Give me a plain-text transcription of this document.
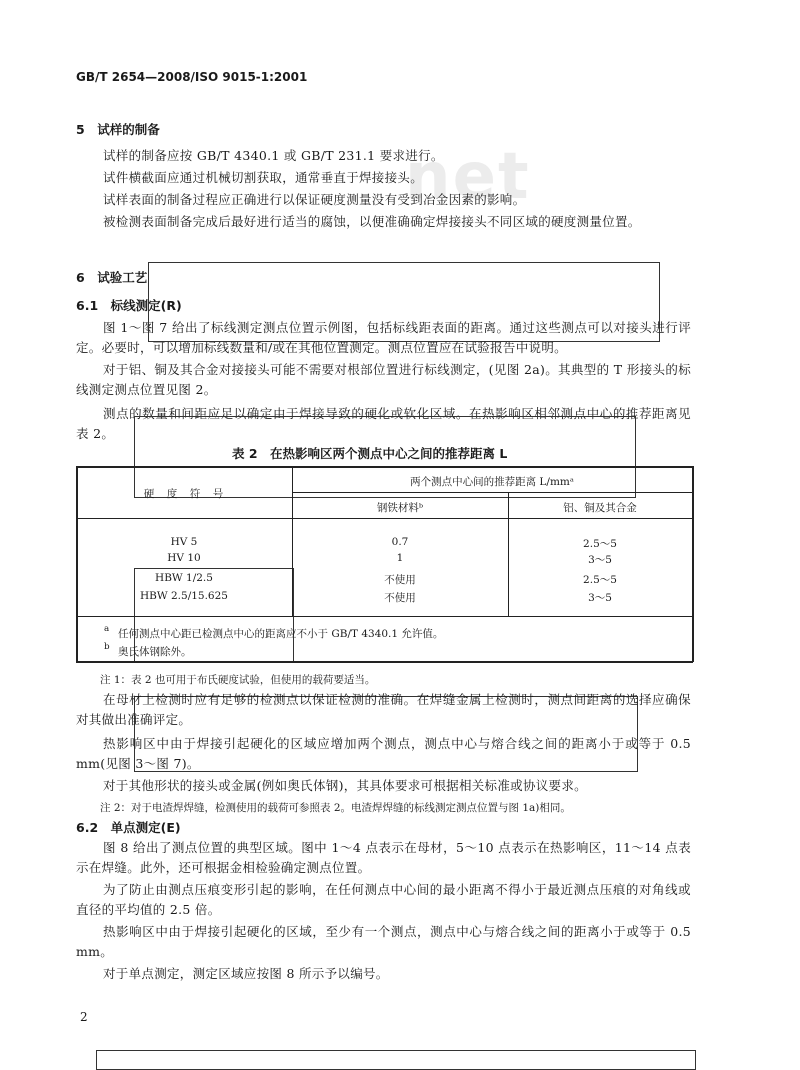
GB/T 2654—2008/ISO 9015-1:2001
net
5　试样的制备
试样的制备应按 GB/T 4340.1 或 GB/T 231.1 要求进行。
试件横截面应通过机械切割获取，通常垂直于焊接接头。
试样表面的制备过程应正确进行以保证硬度测量没有受到冶金因素的影响。
被检测表面制备完成后最好进行适当的腐蚀，以便准确确定焊接接头不同区域的硬度测量位置。
6　试验工艺
6.1　标线测定(R)
图 1～图 7 给出了标线测定测点位置示例图，包括标线距表面的距离。通过这些测点可以对接头进行评定。必要时，可以增加标线数量和/或在其他位置测定。测点位置应在试验报告中说明。
对于铝、铜及其合金对接接头可能不需要对根部位置进行标线测定，(见图 2a)。其典型的 T 形接头的标线测定测点位置见图 2。
测点的数量和间距应足以确定由于焊接导致的硬化或软化区域。在热影响区相邻测点中心的推荐距离见表 2。
表 2　在热影响区两个测点中心之间的推荐距离 L
两个测点中心间的推荐距离 L/mmᵃ
硬　度　符　号
钢铁材料ᵇ	铝、铜及其合金
HV 5	0.7	2.5～5
HV 10	1	3～5
HBW 1/2.5	不使用	2.5～5
HBW 2.5/15.625	不使用	3～5
$^a$ 任何测点中心距已检测点中心的距离应不小于 GB/T 4340.1 允许值。
$^b$ 奥氏体钢除外。
注 1：表 2 也可用于布氏硬度试验，但使用的载荷要适当。
在母材上检测时应有足够的检测点以保证检测的准确。在焊缝金属上检测时，测点间距离的选择应确保对其做出准确评定。
热影响区中由于焊接引起硬化的区域应增加两个测点，测点中心与熔合线之间的距离小于或等于 0.5 mm(见图 3～图 7)。
对于其他形状的接头或金属(例如奥氏体钢)，其具体要求可根据相关标准或协议要求。
注 2：对于电渣焊焊缝，检测使用的载荷可参照表 2。电渣焊焊缝的标线测定测点位置与图 1a)相同。
6.2　单点测定(E)
图 8 给出了测点位置的典型区域。图中 1～4 点表示在母材，5～10 点表示在热影响区，11～14 点表示在焊缝。此外，还可根据金相检验确定测点位置。
为了防止由测点压痕变形引起的影响，在任何测点中心间的最小距离不得小于最近测点压痕的对角线或直径的平均值的 2.5 倍。
热影响区中由于焊接引起硬化的区域，至少有一个测点，测点中心与熔合线之间的距离小于或等于 0.5 mm。
对于单点测定，测定区域应按图 8 所示予以编号。
2
